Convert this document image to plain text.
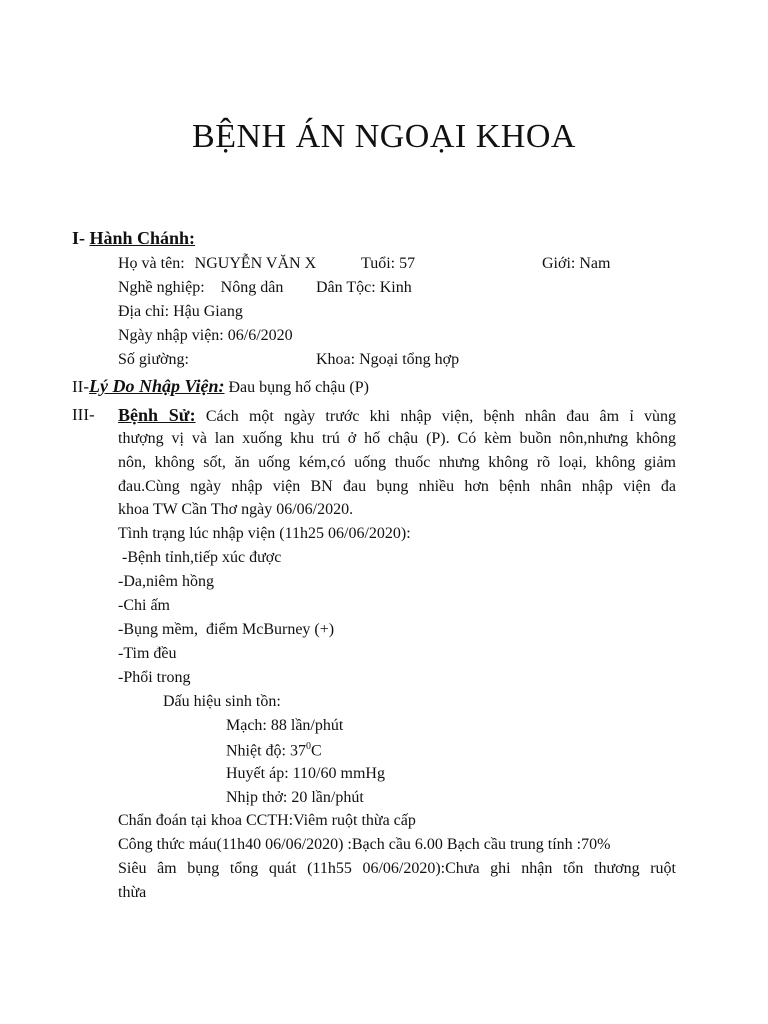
BỆNH ÁN NGOẠI KHOA
I- Hành Chánh:
Họ và tên: NGUYỄN VĂN X	Tuổi: 57	Giới: Nam
Nghề nghiệp: Nông dân Dân Tộc: Kinh
Địa chỉ: Hậu Giang
Ngày nhập viện: 06/6/2020
Số giường:	Khoa: Ngoại tổng hợp
II-Lý Do Nhập Viện: Đau bụng hố chậu (P)
III- Bệnh Sử: Cách một ngày trước khi nhập viện, bệnh nhân đau âm ỉ vùng
thượng vị và lan xuống khu trú ở hố chậu (P). Có kèm buồn nôn,nhưng không
nôn, không sốt, ăn uống kém,có uống thuốc nhưng không rõ loại, không giảm
đau.Cùng ngày nhập viện BN đau bụng nhiều hơn bệnh nhân nhập viện đa
khoa TW Cần Thơ ngày 06/06/2020.
Tình trạng lúc nhập viện (11h25 06/06/2020):
-Bệnh tỉnh,tiếp xúc được
-Da,niêm hồng
-Chi ấm
-Bụng mềm,  điểm McBurney (+)
-Tim đều
-Phổi trong
Dấu hiệu sinh tồn:
Mạch: 88 lần/phút
Nhiệt độ: $37^0C$
Huyết áp: 110/60 mmHg
Nhịp thở: 20 lần/phút
Chẩn đoán tại khoa CCTH:Viêm ruột thừa cấp
Công thức máu(11h40 06/06/2020) :Bạch cầu 6.00 Bạch cầu trung tính :70%
Siêu âm bụng tổng quát (11h55 06/06/2020):Chưa ghi nhận tổn thương ruột
thừa
